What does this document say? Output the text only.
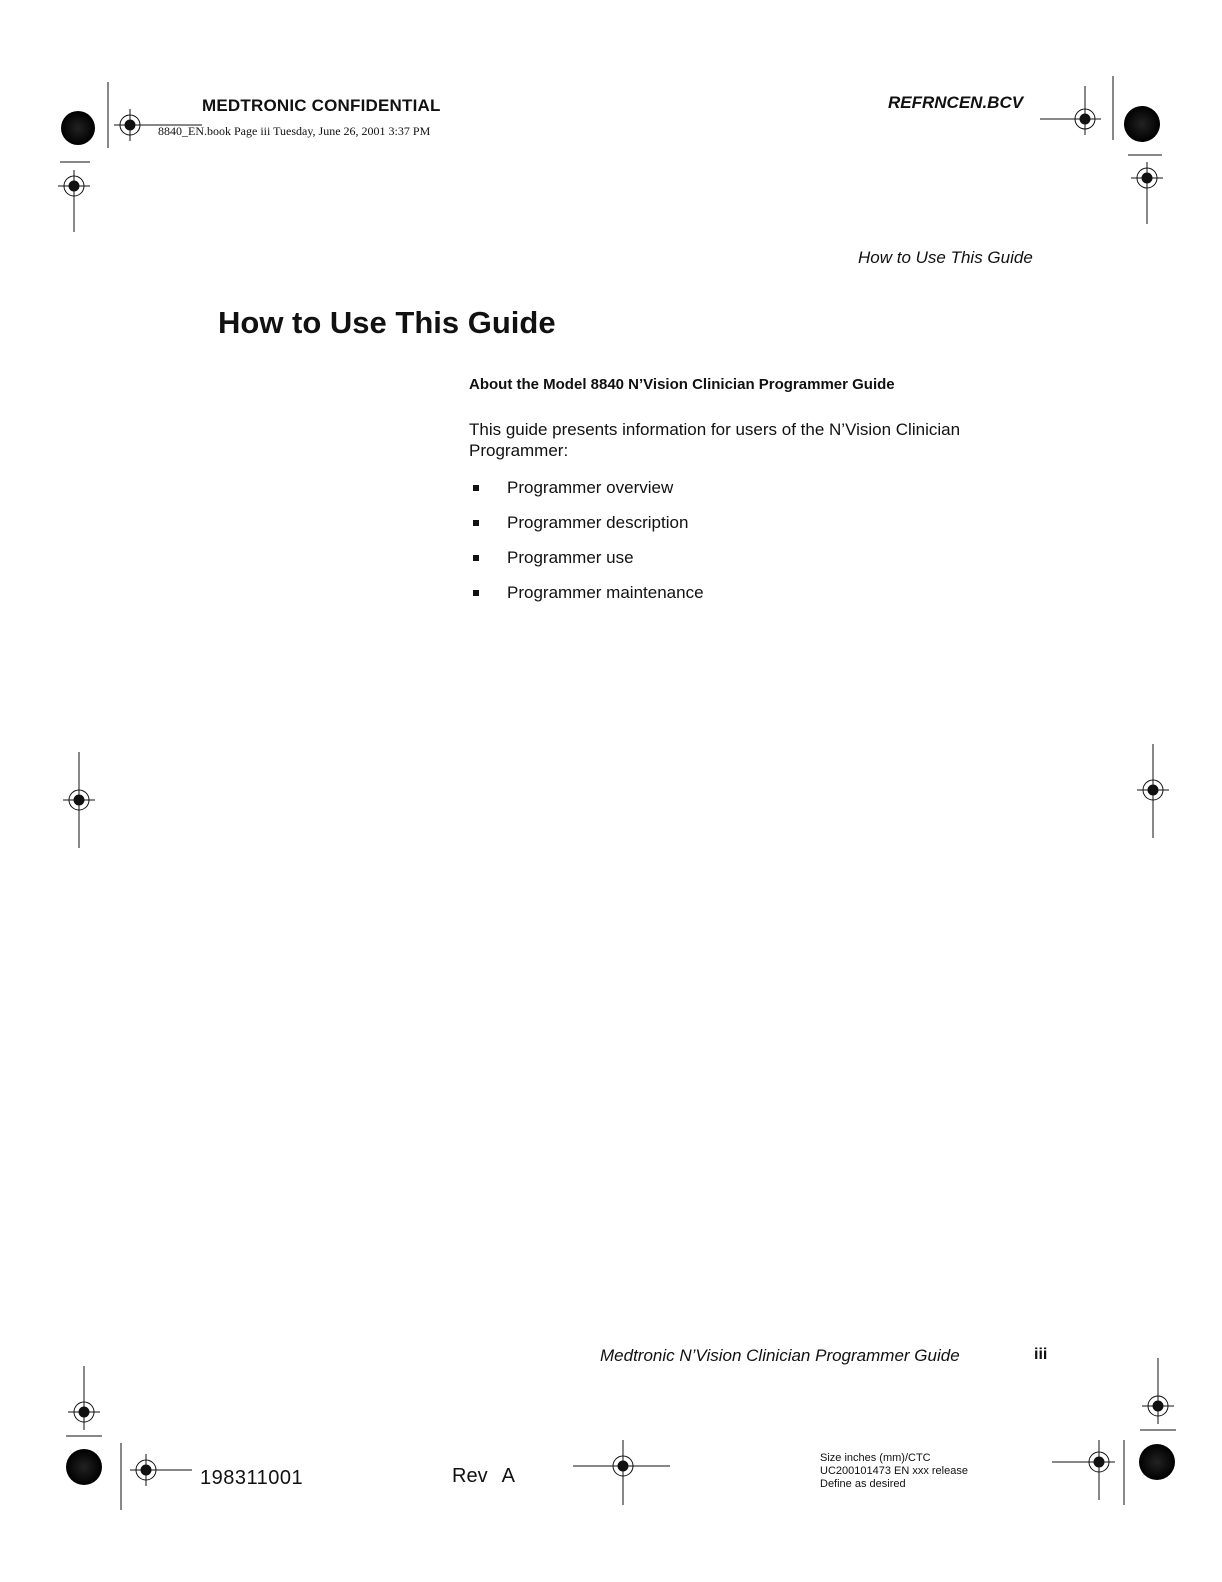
MEDTRONIC CONFIDENTIAL
8840_EN.book Page iii Tuesday, June 26, 2001 3:37 PM
REFRNCEN.BCV
How to Use This Guide
How to Use This Guide
About the Model 8840 N’Vision Clinician Programmer Guide

This guide presents information for users of the N’Vision Clinician Programmer:

Programmer overview
Programmer description
Programmer use
Programmer maintenance
Medtronic N’Vision Clinician Programmer Guide	iii
198311001	Rev A
Size inches (mm)/CTC
UC200101473 EN xxx release
Define as desired
